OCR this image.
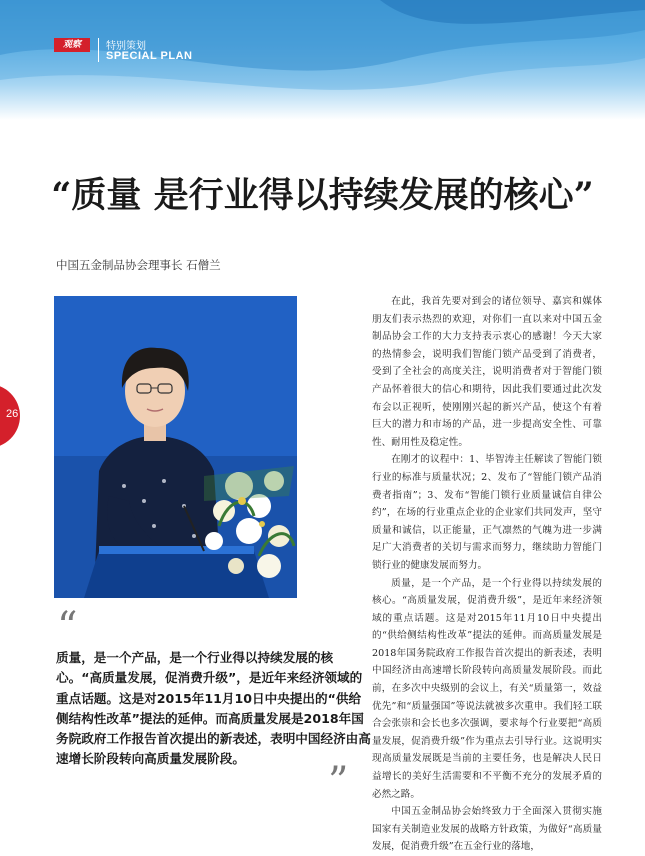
观察	特别策划
SPECIAL PLAN
“质量 是行业得以持续发展的核心”
中国五金制品协会理事长 石僧兰
26
“
质量，是一个产品，是一个行业得以持续发展的核心。“高质量发展，促消费升级”，是近年来经济领域的重点话题。这是对2015年11月10日中央提出的“供给侧结构性改革”提法的延伸。而高质量发展是2018年国务院政府工作报告首次提出的新表述，表明中国经济由高速增长阶段转向高质量发展阶段。
”

在此，我首先要对到会的诸位领导、嘉宾和媒体朋友们表示热烈的欢迎，对你们一直以来对中国五金制品协会工作的大力支持表示衷心的感谢！今天大家的热情参会，说明我们智能门锁产品受到了消费者，受到了全社会的高度关注，说明消费者对于智能门锁产品怀着很大的信心和期待，因此我们要通过此次发布会以正视听，使刚刚兴起的新兴产品，使这个有着巨大的潜力和市场的产品，进一步提高安全性、可靠性、耐用性及稳定性。

在刚才的议程中：1、毕智涛主任解读了智能门锁行业的标准与质量状况；2、发布了“智能门锁产品消费者指南”；3、发布“智能门锁行业质量诚信自律公约”，在场的行业重点企业的企业家们共同发声，坚守质量和诚信，以正能量，正气凛然的气魄为进一步满足广大消费者的关切与需求而努力，继续助力智能门锁行业的健康发展而努力。

质量，是一个产品，是一个行业得以持续发展的核心。“高质量发展，促消费升级”，是近年来经济领域的重点话题。这是对2015年11月10日中央提出的“供给侧结构性改革”提法的延伸。而高质量发展是2018年国务院政府工作报告首次提出的新表述，表明中国经济由高速增长阶段转向高质量发展阶段。而此前，在多次中央级别的会议上，有关“质量第一，效益优先”和“质量强国”等说法就被多次重申。我们轻工联合会张崇和会长也多次强调，要求每个行业要把“高质量发展，促消费升级”作为重点去引导行业。这说明实现高质量发展既是当前的主要任务，也是解决人民日益增长的美好生活需要和不平衡不充分的发展矛盾的必然之路。

中国五金制品协会始终致力于全面深入贯彻实施国家有关制造业发展的战略方针政策，为做好“高质量发展，促消费升级”在五金行业的落地，
